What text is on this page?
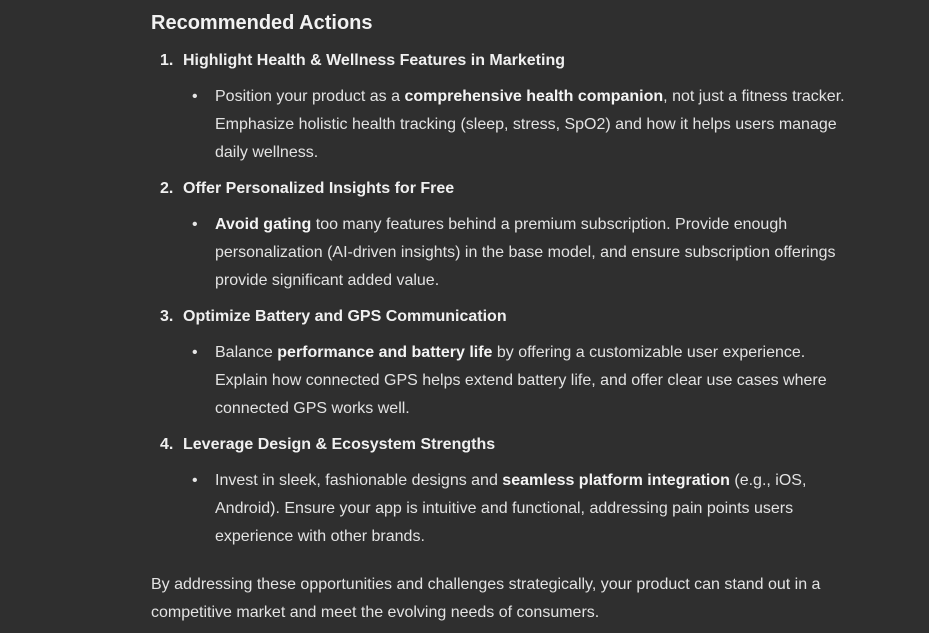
Recommended Actions
1. Highlight Health & Wellness Features in Marketing
•	Position your product as a comprehensive health companion, not just a fitness tracker.
Emphasize holistic health tracking (sleep, stress, SpO2) and how it helps users manage
daily wellness.
2. Offer Personalized Insights for Free
•	Avoid gating too many features behind a premium subscription. Provide enough
personalization (AI-driven insights) in the base model, and ensure subscription offerings
provide significant added value.
3. Optimize Battery and GPS Communication
•	Balance performance and battery life by offering a customizable user experience.
Explain how connected GPS helps extend battery life, and offer clear use cases where
connected GPS works well.
4. Leverage Design & Ecosystem Strengths
•	Invest in sleek, fashionable designs and seamless platform integration (e.g., iOS,
Android). Ensure your app is intuitive and functional, addressing pain points users
experience with other brands.

By addressing these opportunities and challenges strategically, your product can stand out in a
competitive market and meet the evolving needs of consumers.
